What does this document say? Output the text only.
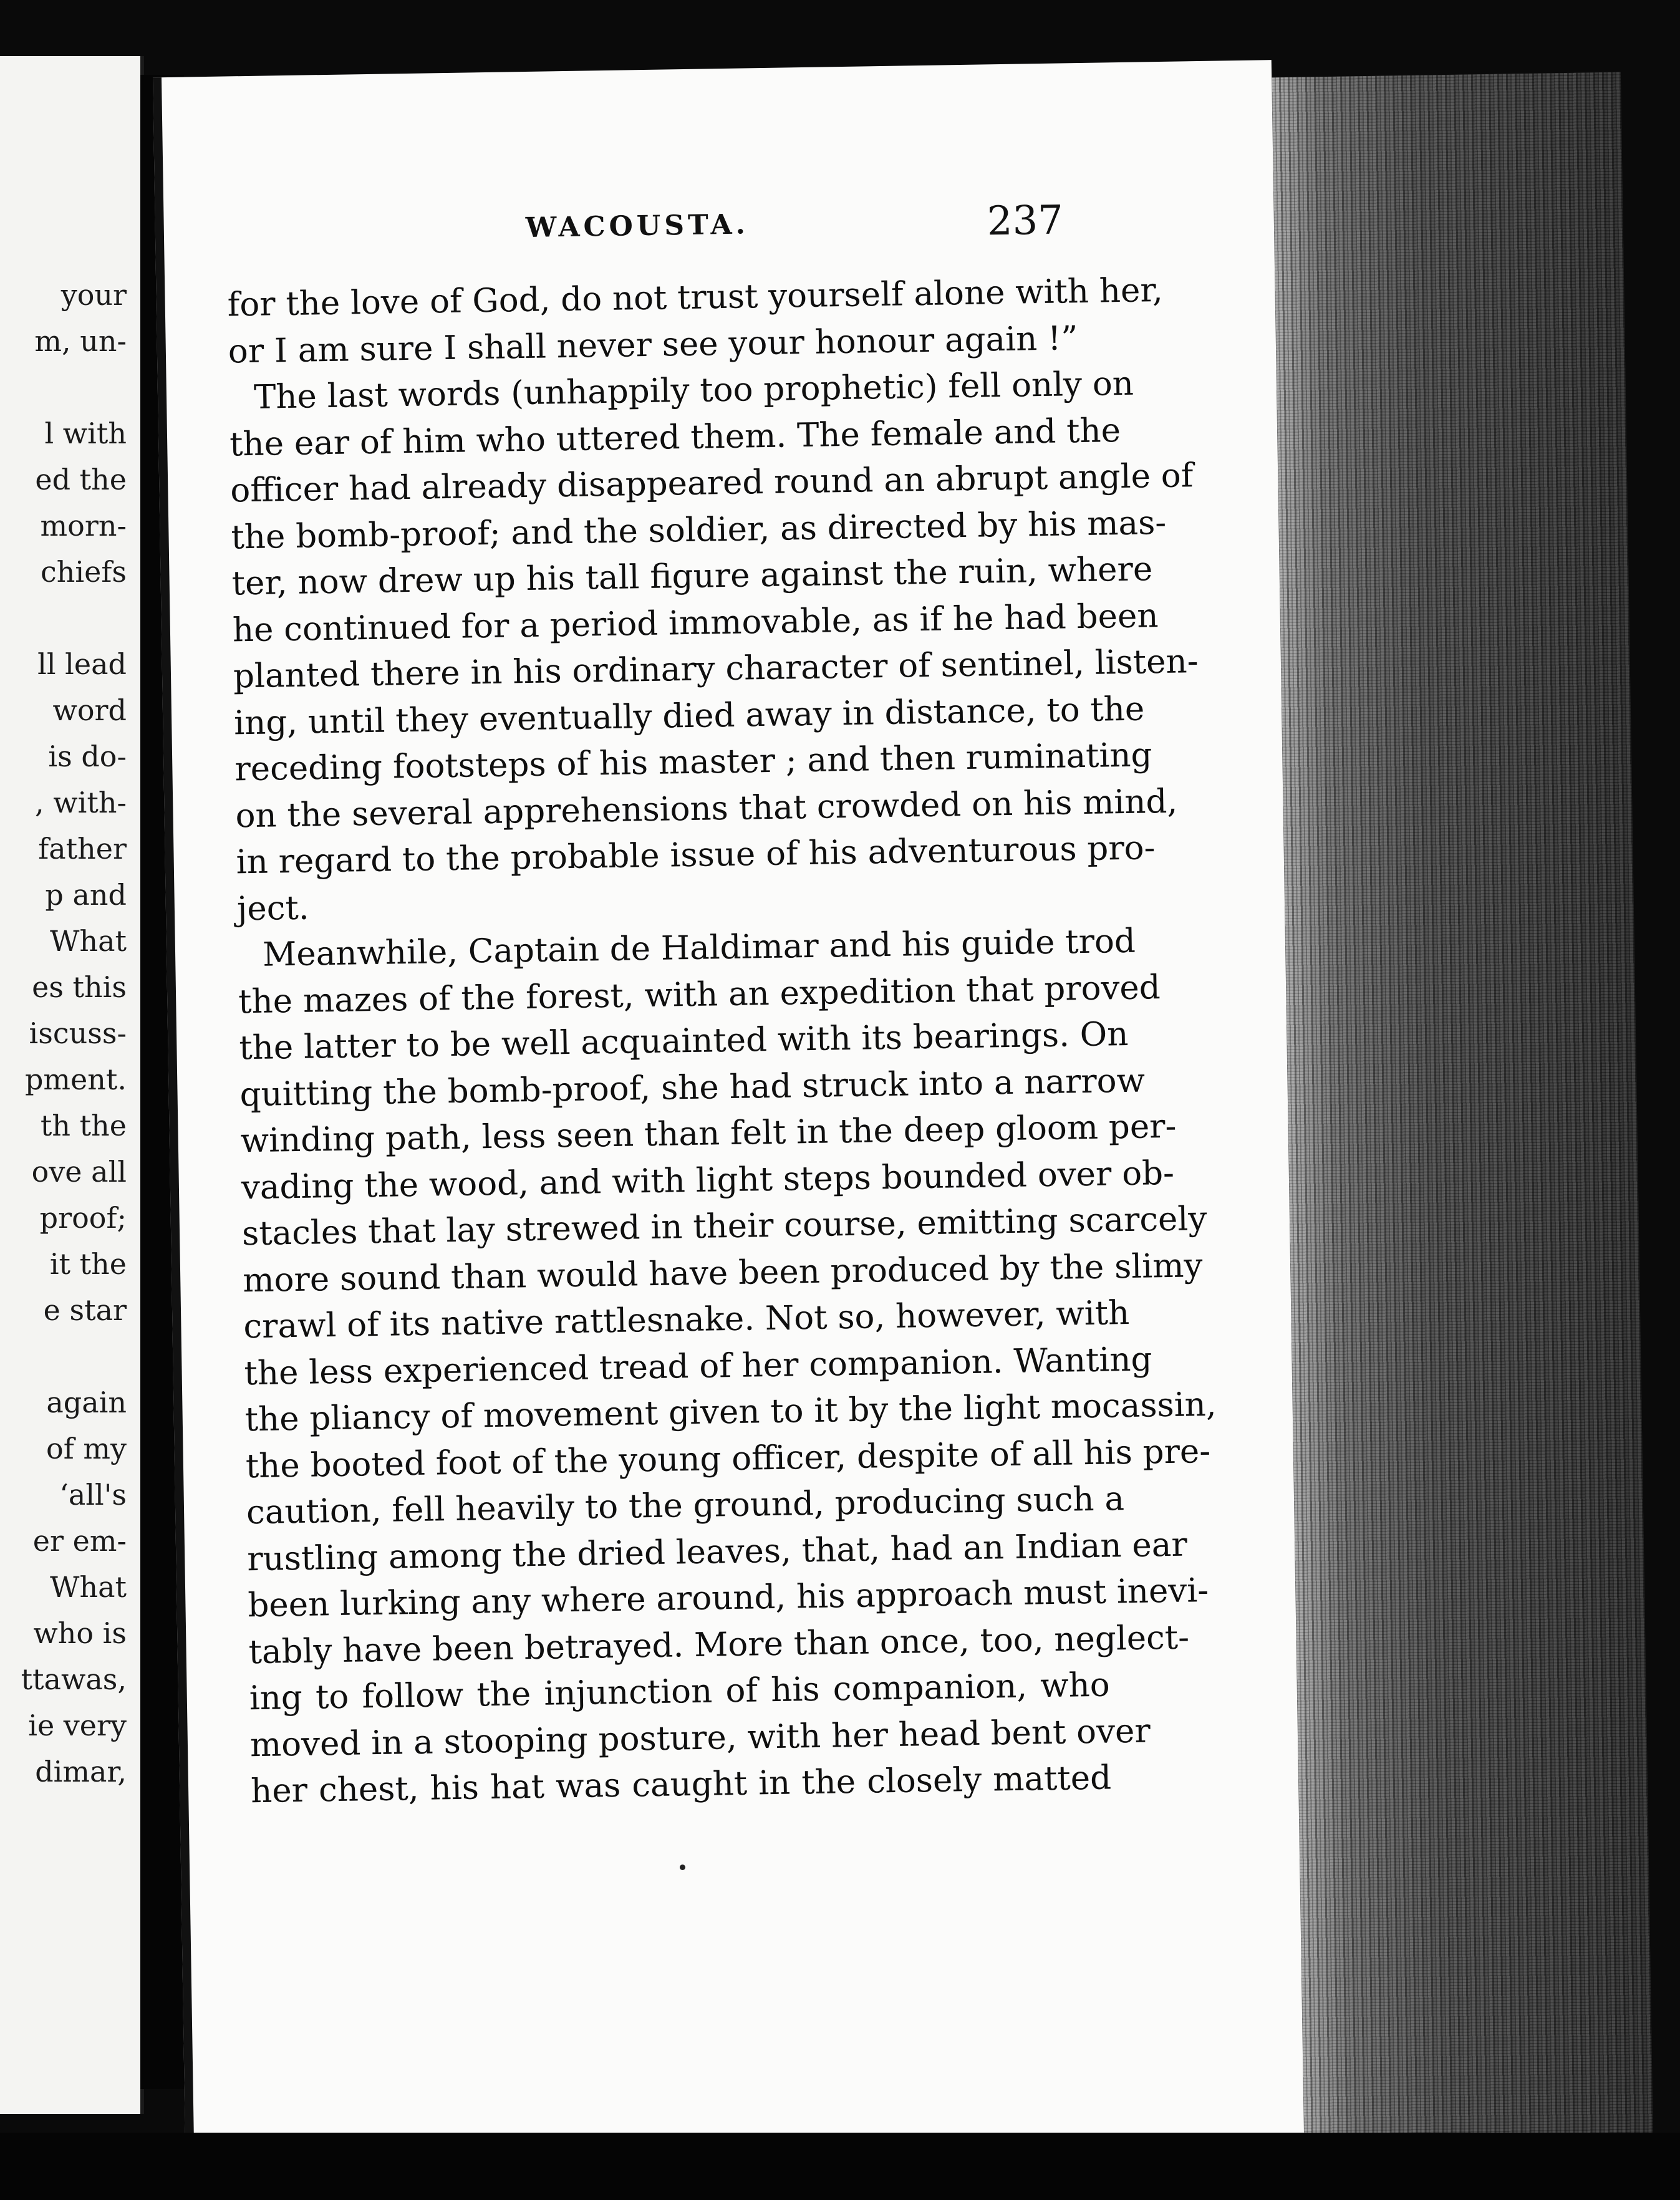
your
m, un-
l with
ed the
morn-
chiefs
ll lead
word
is do-
, with-
father
p and
What
es this
iscuss-
pment.
th the
ove all
proof;
it the
e star
again
of my
‘all's
er em-
What
who is
ttawas,
ie very
dimar,
WACOUSTA.	237
for the love of God, do not trust yourself alone with her,
or I am sure I shall never see your honour again !”
The last words (unhappily too prophetic) fell only on
the ear of him who uttered them. The female and the
officer had already disappeared round an abrupt angle of
the bomb-proof; and the soldier, as directed by his mas-
ter, now drew up his tall figure against the ruin, where
he continued for a period immovable, as if he had been
planted there in his ordinary character of sentinel, listen-
ing, until they eventually died away in distance, to the
receding footsteps of his master ; and then ruminating
on the several apprehensions that crowded on his mind,
in regard to the probable issue of his adventurous pro-
ject.
Meanwhile, Captain de Haldimar and his guide trod
the mazes of the forest, with an expedition that proved
the latter to be well acquainted with its bearings. On
quitting the bomb-proof, she had struck into a narrow
winding path, less seen than felt in the deep gloom per-
vading the wood, and with light steps bounded over ob-
stacles that lay strewed in their course, emitting scarcely
more sound than would have been produced by the slimy
crawl of its native rattlesnake. Not so, however, with
the less experienced tread of her companion. Wanting
the pliancy of movement given to it by the light mocassin,
the booted foot of the young officer, despite of all his pre-
caution, fell heavily to the ground, producing such a
rustling among the dried leaves, that, had an Indian ear
been lurking any where around, his approach must inevi-
tably have been betrayed. More than once, too, neglect-
ing to follow the injunction of his companion, who
moved in a stooping posture, with her head bent over
her chest, his hat was caught in the closely matted
